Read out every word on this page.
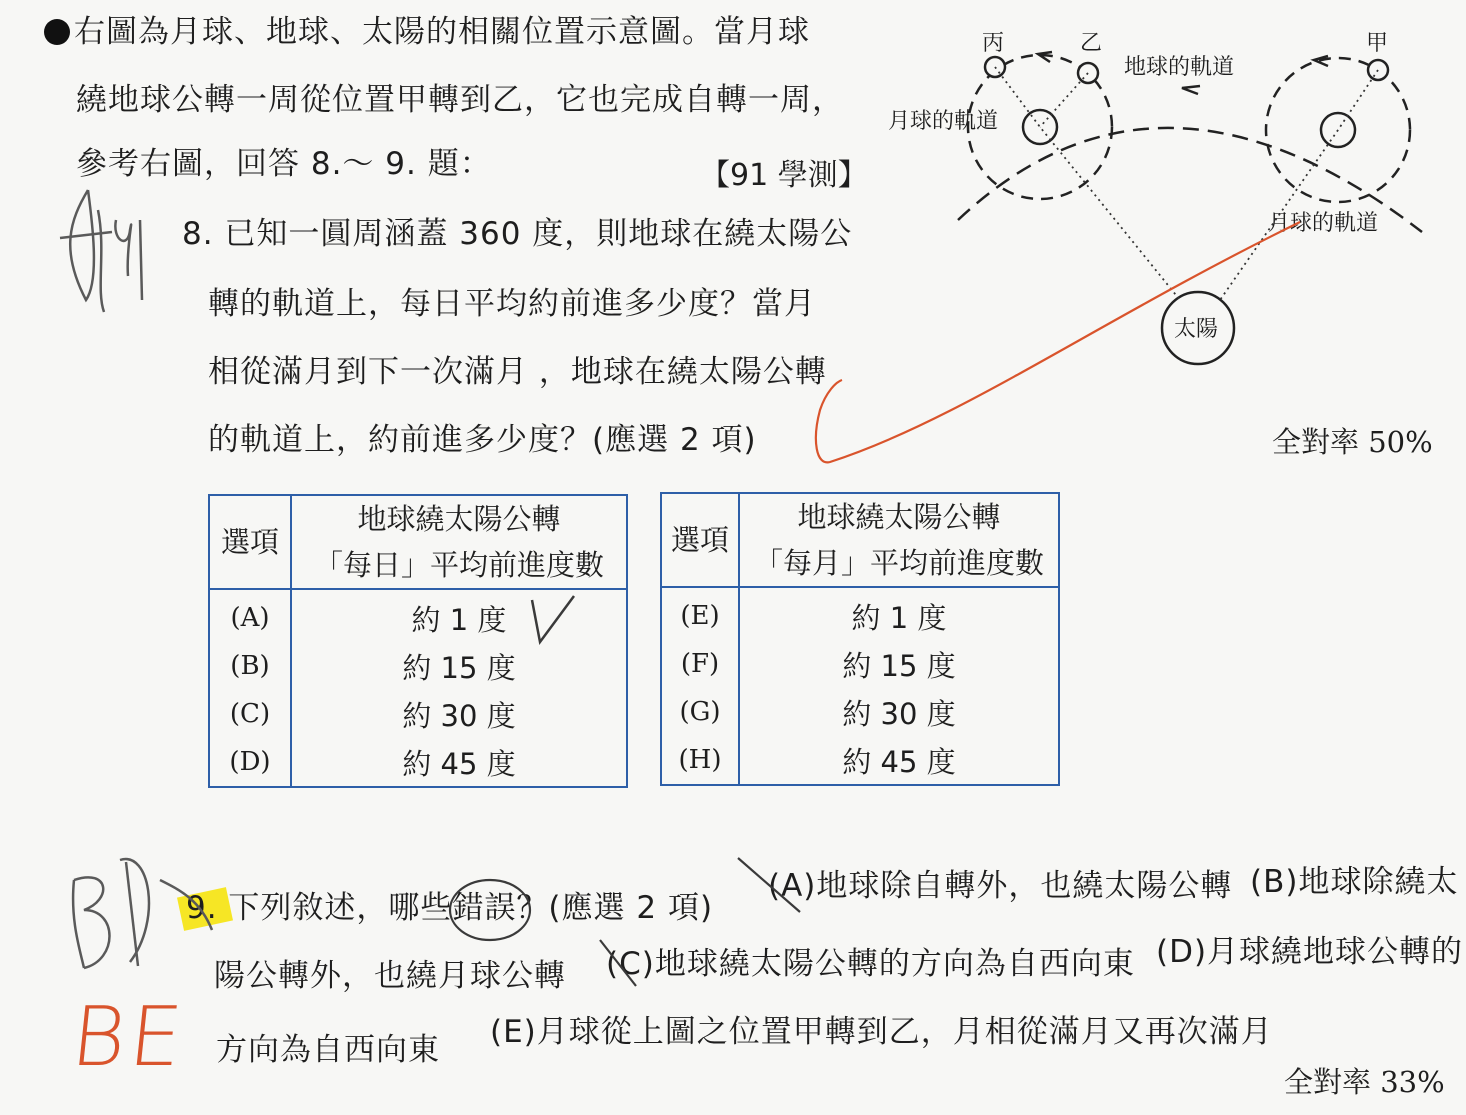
右圖為月球、地球、太陽的相關位置示意圖。當月球
繞地球公轉一周從位置甲轉到乙，它也完成自轉一周，
參考右圖，回答 8.～ 9. 題：	【91 學測】
8. 已知一圓周涵蓋 360 度，則地球在繞太陽公
轉的軌道上，每日平均約前進多少度？當月
相從滿月到下一次滿月 ，地球在繞太陽公轉
的軌道上，約前進多少度？(應選 2 項)	全對率 50%
丙	乙	甲
地球的軌道
月球的軌道
月球的軌道
太陽
選項	地球繞太陽公轉
「每日」平均前進度數

(A)	約 1 度
(B)	約 15 度
(C)	約 30 度
(D)	約 45 度
選項	地球繞太陽公轉
「每月」平均前進度數

(E)	約 1 度
(F)	約 15 度
(G)	約 30 度
(H)	約 45 度
9. 下列敘述，哪些錯誤？(應選 2 項)
(A)地球除自轉外，也繞太陽公轉 (B)地球除繞太
陽公轉外，也繞月球公轉 (C)地球繞太陽公轉的方向為自西向東 (D)月球繞地球公轉的
方向為自西向東 (E)月球從上圖之位置甲轉到乙，月相從滿月又再次滿月
全對率 33%
BE
